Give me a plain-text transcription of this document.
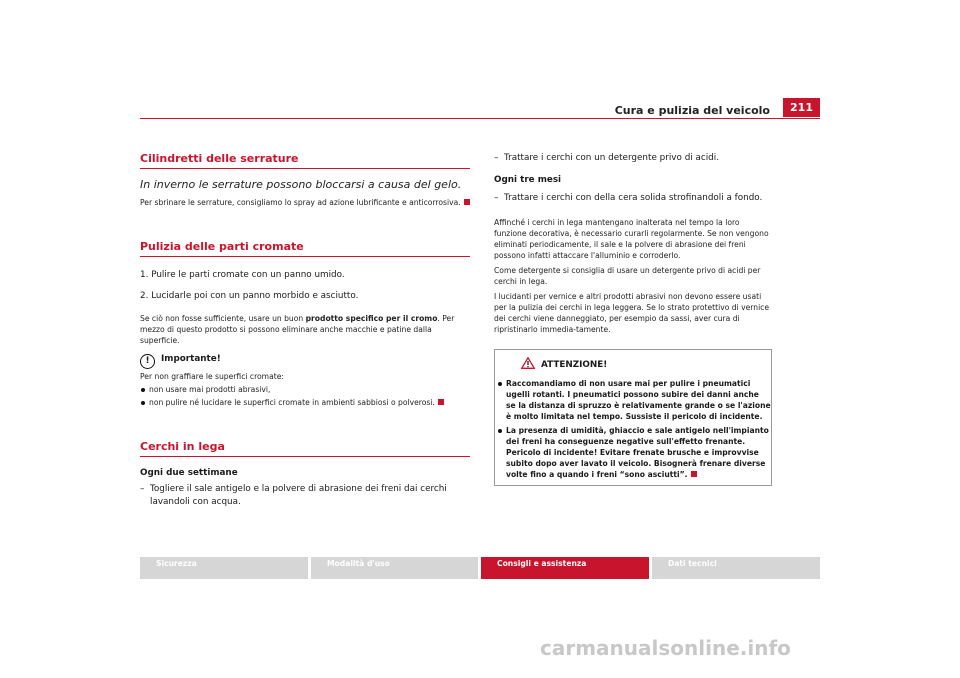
Cura e pulizia del veicolo	211
Cilindretti delle serrature
In inverno le serrature possono bloccarsi a causa del gelo.

Per sbrinare le serrature, consigliamo lo spray ad azione lubrificante e anticorrosiva.

Pulizia delle parti cromate

1. Pulire le parti cromate con un panno umido.

2. Lucidarle poi con un panno morbido e asciutto.

Se ciò non fosse sufficiente, usare un buon prodotto specifico per il cromo. Per mezzo di questo prodotto si possono eliminare anche macchie e patine dalla superficie.

! Importante!

Per non graffiare le superfici cromate:

non usare mai prodotti abrasivi,

non pulire né lucidare le superfici cromate in ambienti sabbiosi o polverosi.

Cerchi in lega

Ogni due settimane

– Togliere il sale antigelo e la polvere di abrasione dei freni dai cerchi lavandoli con acqua.

– Trattare i cerchi con un detergente privo di acidi.

Ogni tre mesi

– Trattare i cerchi con della cera solida strofinandoli a fondo.

Affinché i cerchi in lega mantengano inalterata nel tempo la loro funzione decorativa, è necessario curarli regolarmente. Se non vengono eliminati periodicamente, il sale e la polvere di abrasione dei freni possono infatti attaccare l'alluminio e corroderlo.

Come detergente si consiglia di usare un detergente privo di acidi per cerchi in lega.

I lucidanti per vernice e altri prodotti abrasivi non devono essere usati per la pulizia dei cerchi in lega leggera. Se lo strato protettivo di vernice dei cerchi viene danneggiato, per esempio da sassi, aver cura di ripristinarlo immedia-tamente.

ATTENZIONE!

Raccomandiamo di non usare mai per pulire i pneumatici ugelli rotanti. I pneumatici possono subire dei danni anche se la distanza di spruzzo è relativamente grande o se l'azione è molto limitata nel tempo. Sussiste il pericolo di incidente.

La presenza di umidità, ghiaccio e sale antigelo nell'impianto dei freni ha conseguenze negative sull'effetto frenante. Pericolo di incidente! Evitare frenate brusche e improvvise subito dopo aver lavato il veicolo. Bisognerà frenare diverse volte fino a quando i freni “sono asciutti”.

Sicurezza	Modalità d'uso	Consigli e assistenza	Dati tecnici
carmanualsonline.info
